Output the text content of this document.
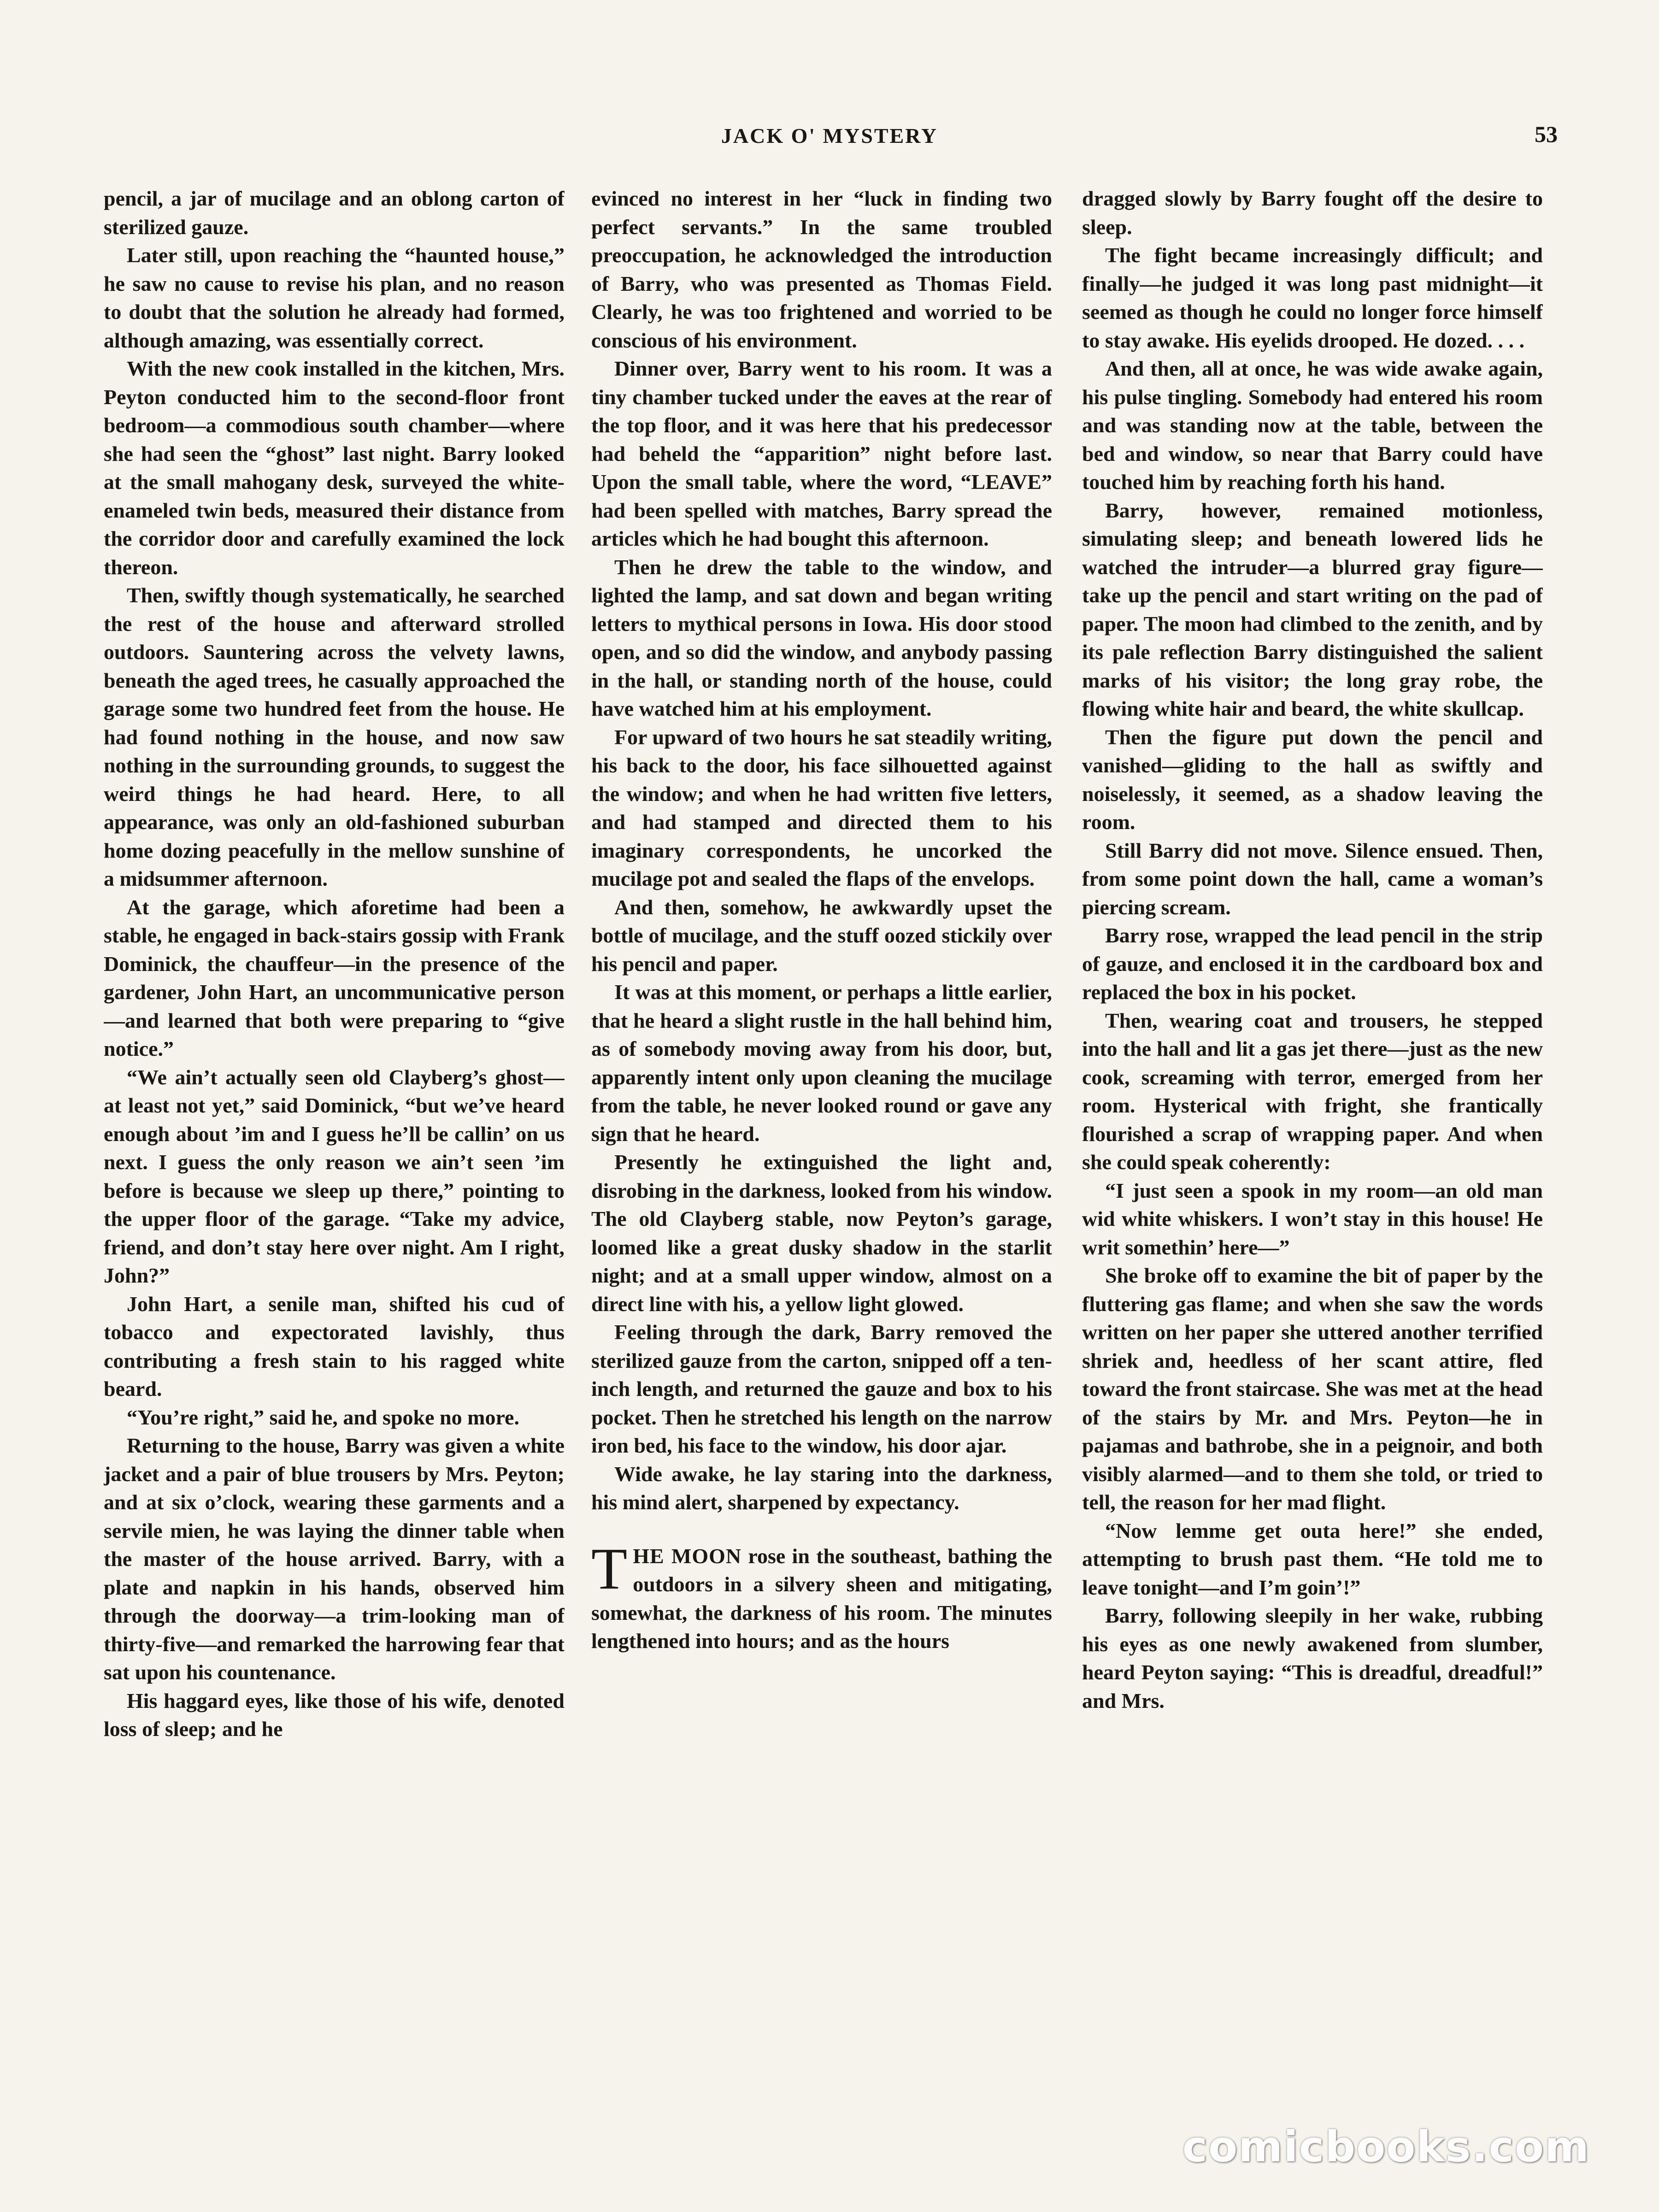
JACK O' MYSTERY	53

pencil, a jar of mucilage and an oblong carton of sterilized gauze.

Later still, upon reaching the “haunted house,” he saw no cause to revise his plan, and no reason to doubt that the solution he already had formed, although amazing, was essentially correct.

With the new cook installed in the kitchen, Mrs. Peyton conducted him to the second-floor front bedroom—a commodious south chamber—where she had seen the “ghost” last night. Barry looked at the small mahogany desk, surveyed the white-enameled twin beds, measured their distance from the corridor door and carefully examined the lock thereon.

Then, swiftly though systematically, he searched the rest of the house and afterward strolled outdoors. Sauntering across the velvety lawns, beneath the aged trees, he casually approached the garage some two hundred feet from the house. He had found nothing in the house, and now saw nothing in the surrounding grounds, to suggest the weird things he had heard. Here, to all appearance, was only an old-fashioned suburban home dozing peacefully in the mellow sunshine of a midsummer afternoon.

At the garage, which aforetime had been a stable, he engaged in back-stairs gossip with Frank Dominick, the chauffeur—in the presence of the gardener, John Hart, an uncommunicative person —and learned that both were preparing to “give notice.”

“We ain’t actually seen old Clayberg’s ghost—at least not yet,” said Dominick, “but we’ve heard enough about ’im and I guess he’ll be callin’ on us next. I guess the only reason we ain’t seen ’im before is because we sleep up there,” pointing to the upper floor of the garage. “Take my advice, friend, and don’t stay here over night. Am I right, John?”

John Hart, a senile man, shifted his cud of tobacco and expectorated lavishly, thus contributing a fresh stain to his ragged white beard.

“You’re right,” said he, and spoke no more.

Returning to the house, Barry was given a white jacket and a pair of blue trousers by Mrs. Peyton; and at six o’clock, wearing these garments and a servile mien, he was laying the dinner table when the master of the house arrived. Barry, with a plate and napkin in his hands, observed him through the doorway—a trim-looking man of thirty-five—and remarked the harrowing fear that sat upon his countenance.

His haggard eyes, like those of his wife, denoted loss of sleep; and he

evinced no interest in her “luck in finding two perfect servants.” In the same troubled preoccupation, he acknowledged the introduction of Barry, who was presented as Thomas Field. Clearly, he was too frightened and worried to be conscious of his environment.

Dinner over, Barry went to his room. It was a tiny chamber tucked under the eaves at the rear of the top floor, and it was here that his predecessor had beheld the “apparition” night before last. Upon the small table, where the word, “LEAVE” had been spelled with matches, Barry spread the articles which he had bought this afternoon.

Then he drew the table to the window, and lighted the lamp, and sat down and began writing letters to mythical persons in Iowa. His door stood open, and so did the window, and anybody passing in the hall, or standing north of the house, could have watched him at his employment.

For upward of two hours he sat steadily writing, his back to the door, his face silhouetted against the window; and when he had written five letters, and had stamped and directed them to his imaginary correspondents, he uncorked the mucilage pot and sealed the flaps of the envelops.

And then, somehow, he awkwardly upset the bottle of mucilage, and the stuff oozed stickily over his pencil and paper.

It was at this moment, or perhaps a little earlier, that he heard a slight rustle in the hall behind him, as of somebody moving away from his door, but, apparently intent only upon cleaning the mucilage from the table, he never looked round or gave any sign that he heard.

Presently he extinguished the light and, disrobing in the darkness, looked from his window. The old Clayberg stable, now Peyton’s garage, loomed like a great dusky shadow in the starlit night; and at a small upper window, almost on a direct line with his, a yellow light glowed.

Feeling through the dark, Barry removed the sterilized gauze from the carton, snipped off a ten-inch length, and returned the gauze and box to his pocket. Then he stretched his length on the narrow iron bed, his face to the window, his door ajar.

Wide awake, he lay staring into the darkness, his mind alert, sharpened by expectancy.

THE MOON rose in the southeast, bathing the outdoors in a silvery sheen and mitigating, somewhat, the darkness of his room. The minutes lengthened into hours; and as the hours

dragged slowly by Barry fought off the desire to sleep.

The fight became increasingly difficult; and finally—he judged it was long past midnight—it seemed as though he could no longer force himself to stay awake. His eyelids drooped. He dozed. . . .

And then, all at once, he was wide awake again, his pulse tingling. Somebody had entered his room and was standing now at the table, between the bed and window, so near that Barry could have touched him by reaching forth his hand.

Barry, however, remained motionless, simulating sleep; and beneath lowered lids he watched the intruder—a blurred gray figure—take up the pencil and start writing on the pad of paper. The moon had climbed to the zenith, and by its pale reflection Barry distinguished the salient marks of his visitor; the long gray robe, the flowing white hair and beard, the white skullcap.

Then the figure put down the pencil and vanished—gliding to the hall as swiftly and noiselessly, it seemed, as a shadow leaving the room.

Still Barry did not move. Silence ensued. Then, from some point down the hall, came a woman’s piercing scream.

Barry rose, wrapped the lead pencil in the strip of gauze, and enclosed it in the cardboard box and replaced the box in his pocket.

Then, wearing coat and trousers, he stepped into the hall and lit a gas jet there—just as the new cook, screaming with terror, emerged from her room. Hysterical with fright, she frantically flourished a scrap of wrapping paper. And when she could speak coherently:

“I just seen a spook in my room—an old man wid white whiskers. I won’t stay in this house! He writ somethin’ here—”

She broke off to examine the bit of paper by the fluttering gas flame; and when she saw the words written on her paper she uttered another terrified shriek and, heedless of her scant attire, fled toward the front staircase. She was met at the head of the stairs by Mr. and Mrs. Peyton—he in pajamas and bathrobe, she in a peignoir, and both visibly alarmed—and to them she told, or tried to tell, the reason for her mad flight.

“Now lemme get outa here!” she ended, attempting to brush past them. “He told me to leave tonight—and I’m goin’!”

Barry, following sleepily in her wake, rubbing his eyes as one newly awakened from slumber, heard Peyton saying: “This is dreadful, dreadful!” and Mrs.

comicbooks.com
